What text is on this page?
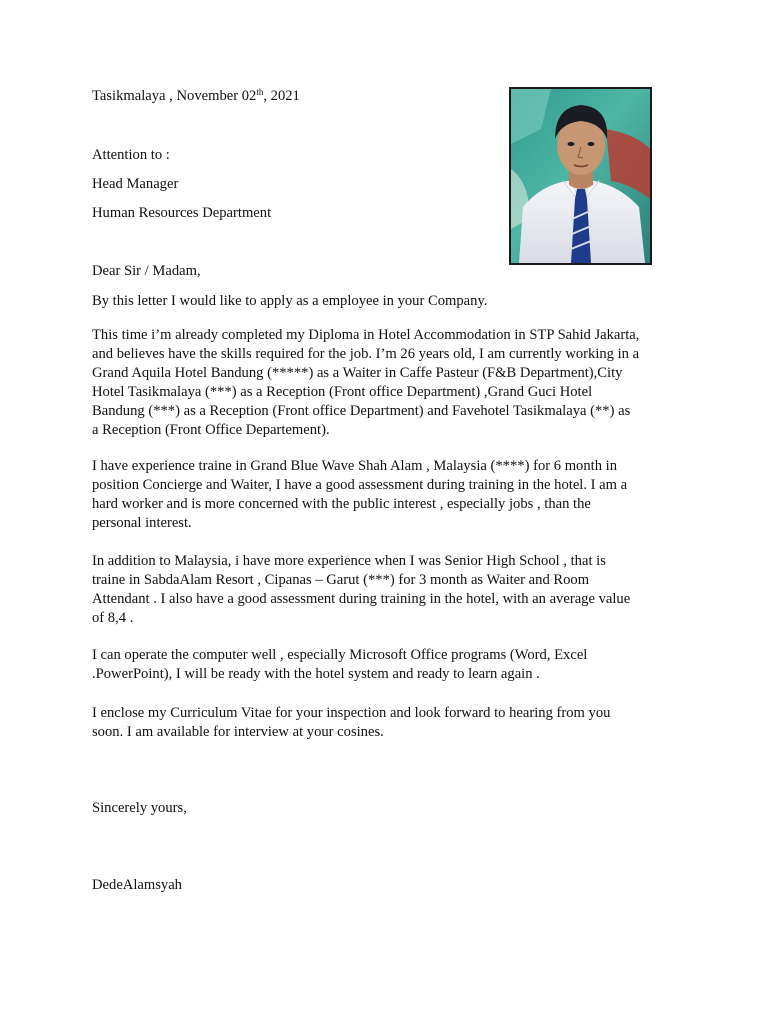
Tasikmalaya , November 02th, 2021
Attention to :
Head Manager
Human Resources Department
Dear Sir / Madam,
By this letter I would like to apply as a employee in your Company.
This time i’m already completed my Diploma in Hotel Accommodation in STP Sahid Jakarta,
and believes have the skills required for the job. I’m 26 years old, I am currently working in a
Grand Aquila Hotel Bandung (*****) as a Waiter in Caffe Pasteur (F&B Department),City
Hotel Tasikmalaya (***) as a Reception (Front office Department) ,Grand Guci Hotel
Bandung (***) as a Reception (Front office Department) and Favehotel Tasikmalaya (**) as
a Reception (Front Office Departement).
I have experience traine in Grand Blue Wave Shah Alam , Malaysia (****) for 6 month in
position Concierge and Waiter, I have a good assessment during training in the hotel. I am a
hard worker and is more concerned with the public interest , especially jobs , than the
personal interest.
In addition to Malaysia, i have more experience when I was Senior High School , that is
traine in SabdaAlam Resort , Cipanas – Garut (***) for 3 month as Waiter and Room
Attendant . I also have a good assessment during training in the hotel, with an average value
of 8,4 .
I can operate the computer well , especially Microsoft Office programs (Word, Excel
.PowerPoint), I will be ready with the hotel system and ready to learn again .
I enclose my Curriculum Vitae for your inspection and look forward to hearing from you
soon. I am available for interview at your cosines.
Sincerely yours,
DedeAlamsyah
